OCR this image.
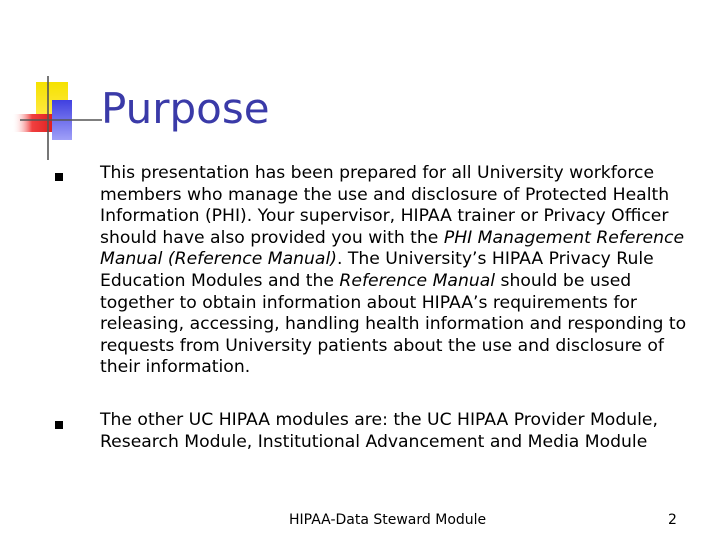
Purpose
This presentation has been prepared for all University workforce members who manage the use and disclosure of Protected Health Information (PHI). Your supervisor, HIPAA trainer or Privacy Officer should have also provided you with the PHI Management Reference Manual (Reference Manual). The University’s HIPAA Privacy Rule Education Modules and the Reference Manual should be used together to obtain information about HIPAA’s requirements for releasing, accessing, handling health information and responding to requests from University patients about the use and disclosure of their information.
The other UC HIPAA modules are: the UC HIPAA Provider Module, Research Module, Institutional Advancement and Media Module
HIPAA-Data Steward Module	2
